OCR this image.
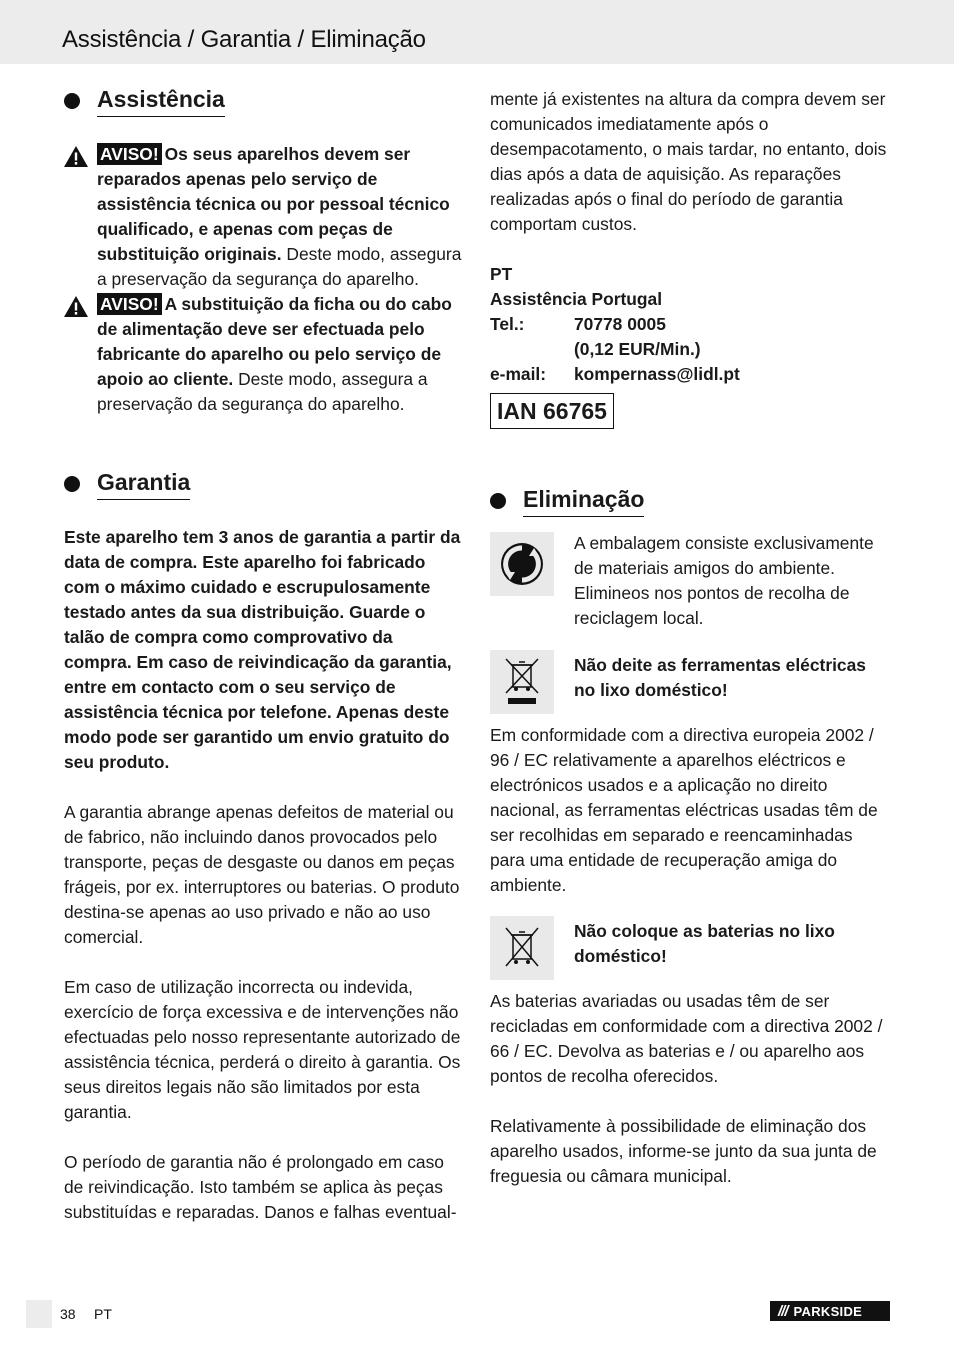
Assistência / Garantia / Eliminação
Assistência

AVISO! Os seus aparelhos devem ser reparados apenas pelo serviço de assistência técnica ou por pessoal técnico qualificado, e apenas com peças de substituição originais. Deste modo, assegura a preservação da segurança do aparelho.

AVISO! A substituição da ficha ou do cabo de alimentação deve ser efectuada pelo fabricante do aparelho ou pelo serviço de apoio ao cliente. Deste modo, assegura a preservação da segurança do aparelho.

Garantia

Este aparelho tem 3 anos de garantia a partir da data de compra. Este aparelho foi fabricado com o máximo cuidado e escrupulosamente testado antes da sua distribuição. Guarde o talão de compra como comprovativo da compra. Em caso de reivindicação da garantia, entre em contacto com o seu serviço de assistência técnica por telefone. Apenas deste modo pode ser garantido um envio gratuito do seu produto.

A garantia abrange apenas defeitos de material ou de fabrico, não incluindo danos provocados pelo transporte, peças de desgaste ou danos em peças frágeis, por ex. interruptores ou baterias. O produto destina-se apenas ao uso privado e não ao uso comercial.

Em caso de utilização incorrecta ou indevida, exercício de força excessiva e de intervenções não efectuadas pelo nosso representante autorizado de assistência técnica, perderá o direito à garantia. Os seus direitos legais não são limitados por esta garantia.

O período de garantia não é prolongado em caso de reivindicação. Isto também se aplica às peças substituídas e reparadas. Danos e falhas eventual-

mente já existentes na altura da compra devem ser comunicados imediatamente após o desempacotamento, o mais tardar, no entanto, dois dias após a data de aquisição. As reparações realizadas após o final do período de garantia comportam custos.

PT

Assistência Portugal

Tel.:	70778 0005
	(0,12 EUR/Min.)
e-mail:	kompernass@lidl.pt
IAN 66765
Eliminação

A embalagem consiste exclusivamente de materiais amigos do ambiente. Elimineos nos pontos de recolha de reciclagem local.

Não deite as ferramentas eléctricas no lixo doméstico!

Em conformidade com a directiva europeia 2002 / 96 / EC relativamente a aparelhos eléctricos e electrónicos usados e a aplicação no direito nacional, as ferramentas eléctricas usadas têm de ser recolhidas em separado e reencaminhadas para uma entidade de recuperação amiga do ambiente.

Não coloque as baterias no lixo doméstico!

As baterias avariadas ou usadas têm de ser recicladas em conformidade com a directiva 2002 / 66 / EC. Devolva as baterias e / ou aparelho aos pontos de recolha oferecidos.

Relativamente à possibilidade de eliminação dos aparelho usados, informe-se junto da sua junta de freguesia ou câmara municipal.

38 PT	/// PARKSIDE
